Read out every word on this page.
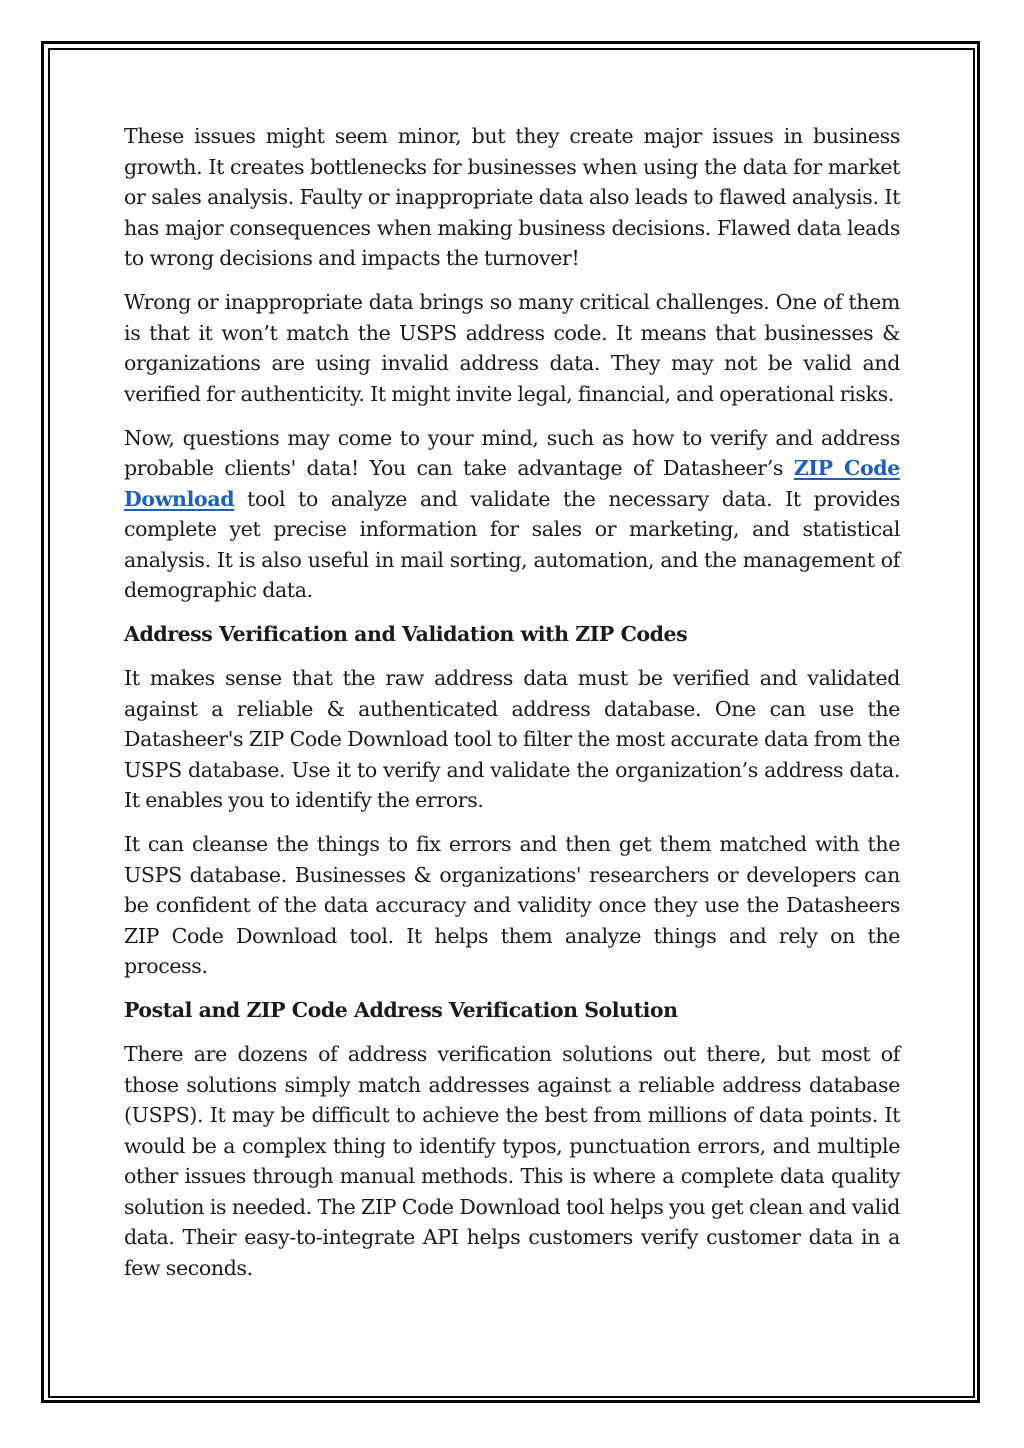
These issues might seem minor, but they create major issues in business growth. It creates bottlenecks for businesses when using the data for market or sales analysis. Faulty or inappropriate data also leads to flawed analysis. It has major consequences when making business decisions. Flawed data leads to wrong decisions and impacts the turnover!

Wrong or inappropriate data brings so many critical challenges. One of them is that it won’t match the USPS address code. It means that businesses & organizations are using invalid address data. They may not be valid and verified for authenticity. It might invite legal, financial, and operational risks.

Now, questions may come to your mind, such as how to verify and address probable clients' data! You can take advantage of Datasheer’s ZIP Code Download tool to analyze and validate the necessary data. It provides complete yet precise information for sales or marketing, and statistical analysis. It is also useful in mail sorting, automation, and the management of demographic data.

Address Verification and Validation with ZIP Codes

It makes sense that the raw address data must be verified and validated against a reliable & authenticated address database. One can use the Datasheer's ZIP Code Download tool to filter the most accurate data from the USPS database. Use it to verify and validate the organization’s address data. It enables you to identify the errors.

It can cleanse the things to fix errors and then get them matched with the USPS database. Businesses & organizations' researchers or developers can be confident of the data accuracy and validity once they use the Datasheers ZIP Code Download tool. It helps them analyze things and rely on the process.

Postal and ZIP Code Address Verification Solution

There are dozens of address verification solutions out there, but most of those solutions simply match addresses against a reliable address database (USPS). It may be difficult to achieve the best from millions of data points. It would be a complex thing to identify typos, punctuation errors, and multiple other issues through manual methods. This is where a complete data quality solution is needed. The ZIP Code Download tool helps you get clean and valid data. Their easy-to-integrate API helps customers verify customer data in a few seconds.
